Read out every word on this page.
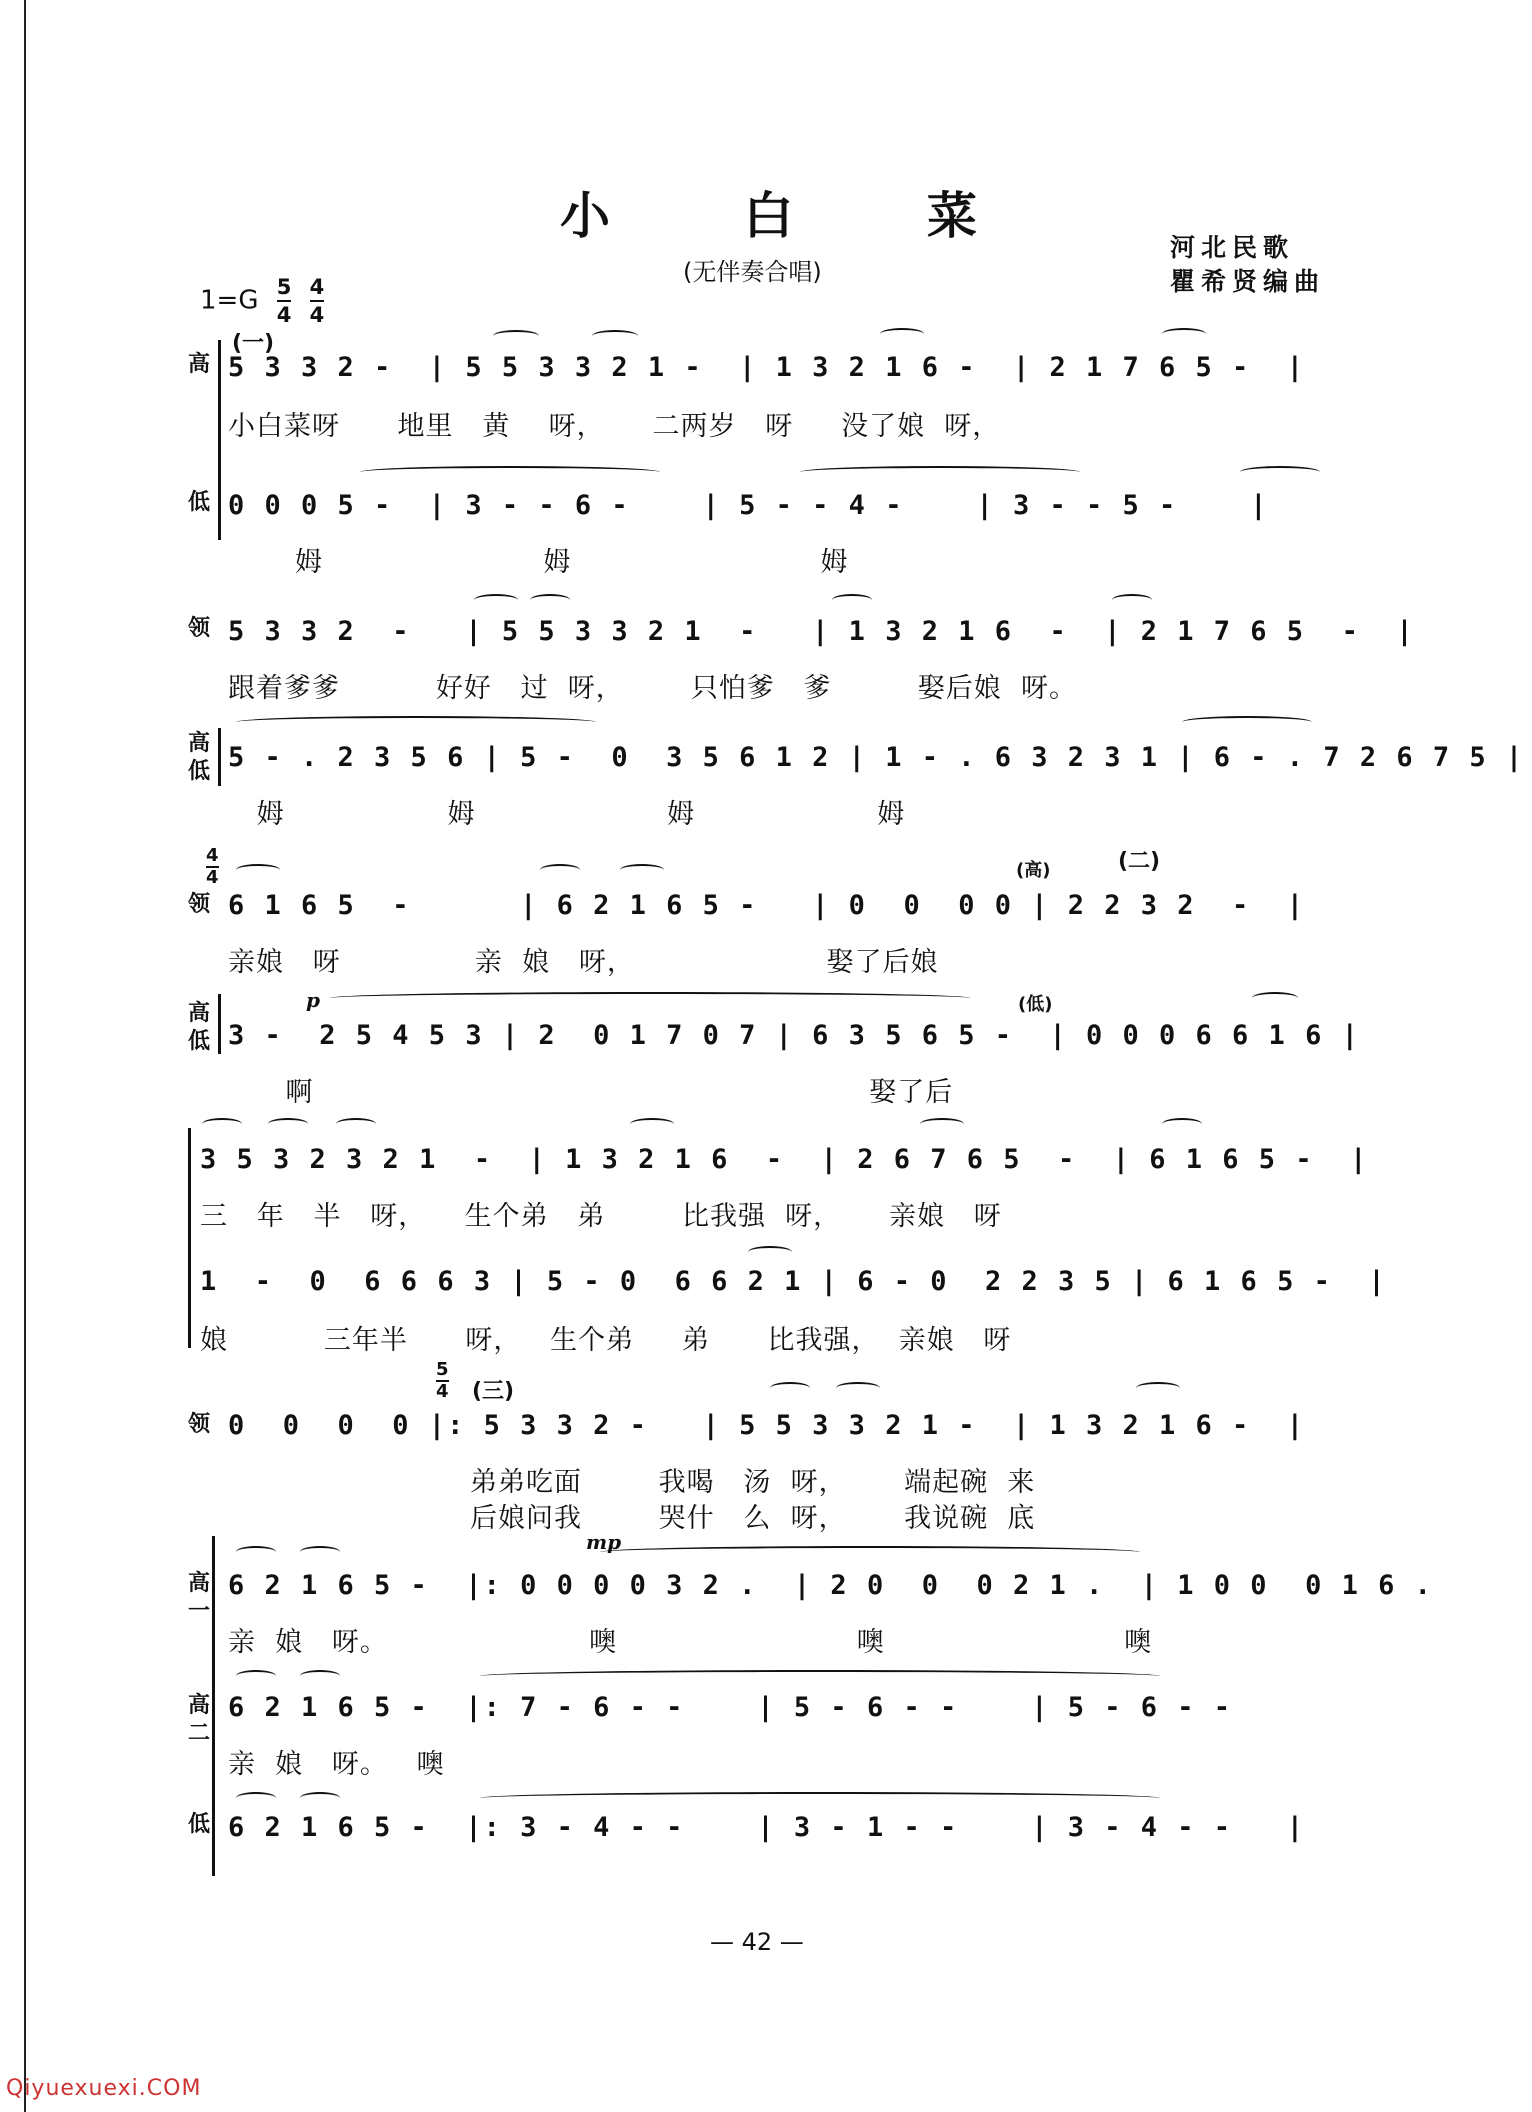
小 白 菜
(无伴奏合唱)
河北民歌
瞿希贤编曲
$1=G \frac{5}{4}$
$\frac{4}{4}$
(一)
高
低
5 3 3 2 -  | 5 5 3 3 2 1 -  | 1 3 2 1 6 -  | 2 1 7 6 5 -  |
小白菜呀      地里   黄    呀，     二两岁   呀     没了娘  呀，
0 0 0 5 -  | 3 - - 6 -    | 5 - - 4 -    | 3 - - 5 -    |
姆                       姆                          姆
领 5 3 3 2  -   | 5 5 3 3 2 1  -   | 1 3 2 1 6  -  | 2 1 7 6 5  -  |
跟着爹爹          好好   过  呀，       只怕爹   爹         娶后娘  呀。
高低 5 - . 2 3 5 6 | 5 -  0  3 5 6 1 2 | 1 - . 6 3 2 3 1 | 6 - . 7 2 6 7 5 |
姆                 姆                    姆                   姆
$\frac{4}{4}$
领
(高)	(二)
6 1 6 5  -      | 6 2 1 6 5 -   | 0  0  0 0 | 2 2 3 2  -  |
亲娘   呀              亲  娘   呀，                    娶了后娘
高低
p	(低)
3 -  2 5 4 5 3 | 2  0 1 7 0 7 | 6 3 5 6 5 -  | 0 0 0 6 6 1 6 |
啊                                                          娶了后
3 5 3 2 3 2 1  -  | 1 3 2 1 6  -  | 2 6 7 6 5  -  | 6 1 6 5 -  |
三   年   半   呀，    生个弟   弟        比我强  呀，     亲娘   呀
1  -  0  6 6 6 3 | 5 - 0  6 6 2 1 | 6 - 0  2 2 3 5 | 6 1 6 5 -  |
娘          三年半      呀，   生个弟     弟      比我强，  亲娘   呀
$\frac{5}{4}$ (三)
领 0  0  0  0 |: 5 3 3 2 -   | 5 5 3 3 2 1 -  | 1 3 2 1 6 -  |
弟弟吃面        我喝   汤  呀，      端起碗  来
后娘问我        哭什   么  呀，      我说碗  底
高一
mp
6 2 1 6 5 -  |: 0 0 0 0 3 2 .  | 2 0  0  0 2 1 .  | 1 0 0  0 1 6 .
亲  娘   呀。                     噢                         噢                         噢
高二
6 2 1 6 5 -  |: 7 - 6 - -    | 5 - 6 - -    | 5 - 6 - -
亲  娘   呀。   噢
低 6 2 1 6 5 -  |: 3 - 4 - -    | 3 - 1 - -    | 3 - 4 - -   |
— 42 —
Qiyuexuexi.COM
